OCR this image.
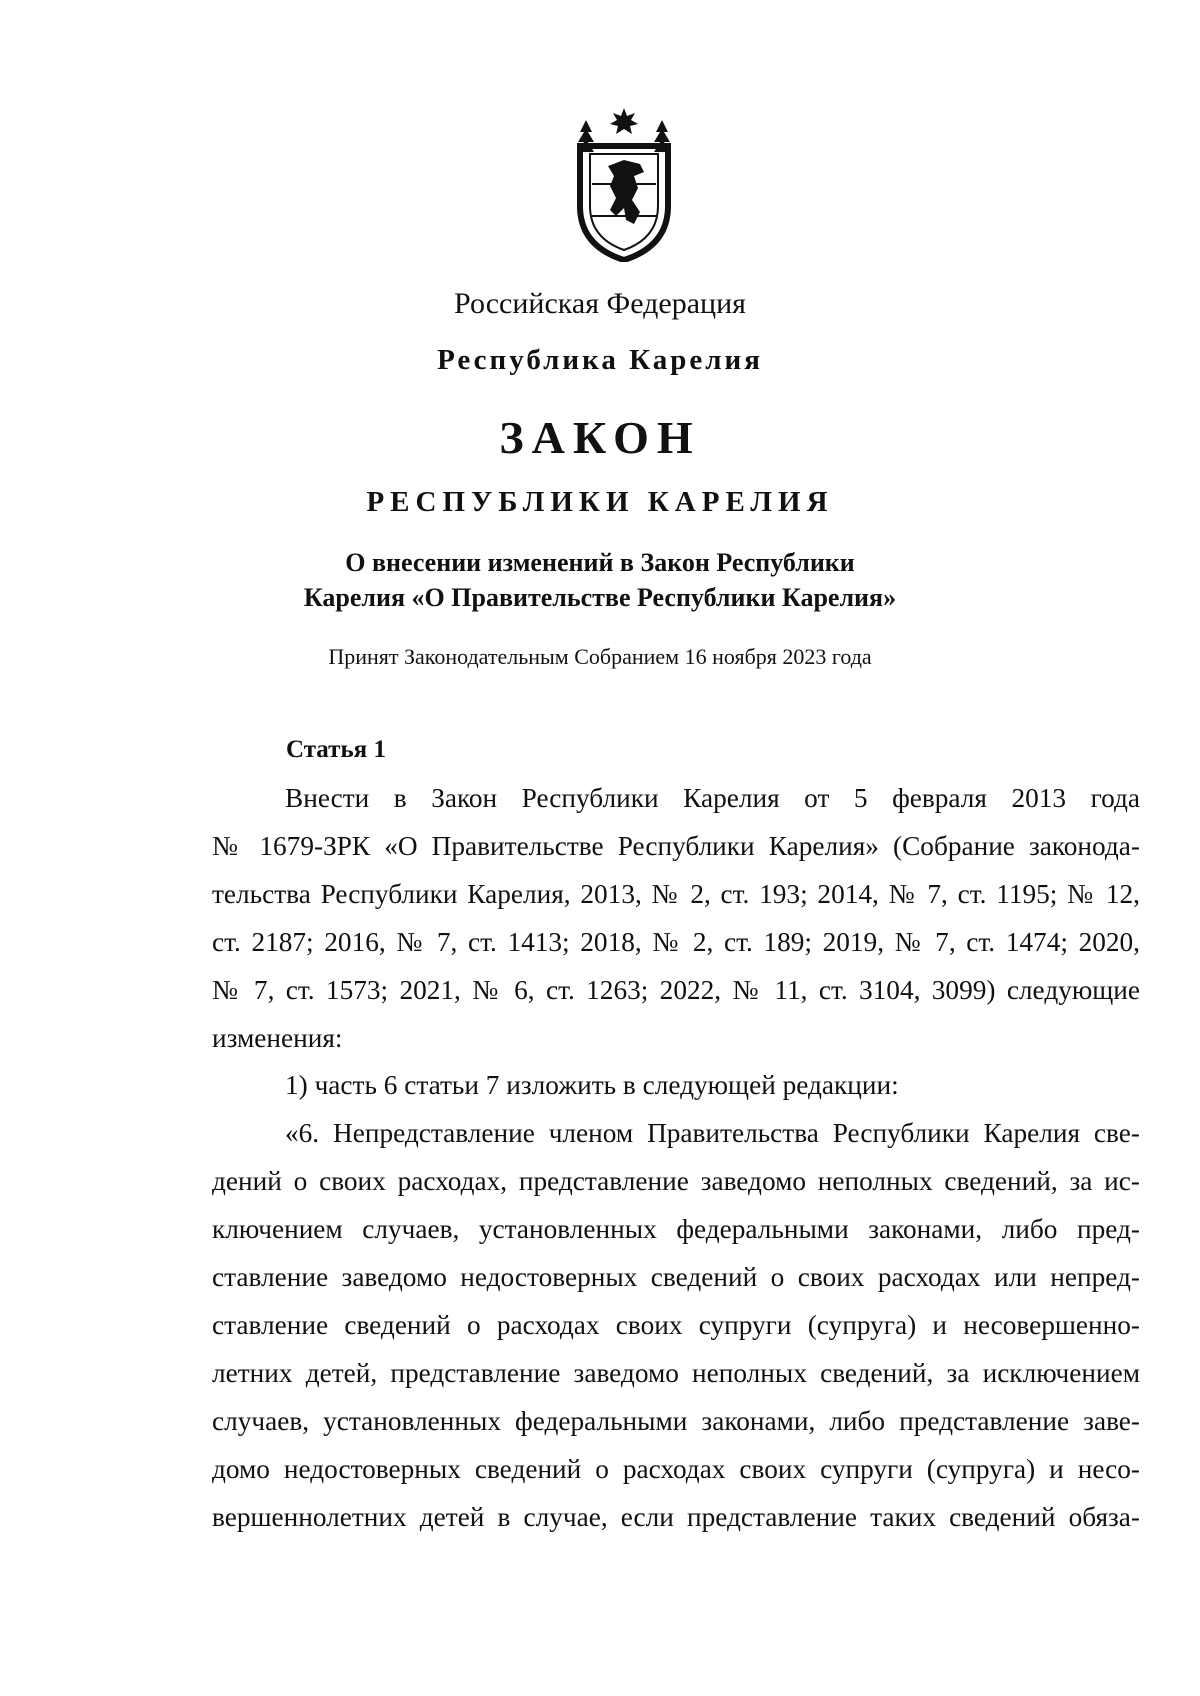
Российская Федерация
Республика Карелия
ЗАКОН
РЕСПУБЛИКИ КАРЕЛИЯ
О внесении изменений в Закон Республики
Карелия «О Правительстве Республики Карелия»
Принят Законодательным Собранием 16 ноября 2023 года
Статья 1
Внести в Закон Республики Карелия от 5 февраля 2013 года
№ 1679-ЗРК «О Правительстве Республики Карелия» (Собрание законода-
тельства Республики Карелия, 2013, № 2, ст. 193; 2014, № 7, ст. 1195; № 12,
ст. 2187; 2016, № 7, ст. 1413; 2018, № 2, ст. 189; 2019, № 7, ст. 1474; 2020,
№ 7, ст. 1573; 2021, № 6, ст. 1263; 2022, № 11, ст. 3104, 3099) следующие
изменения:
1) часть 6 статьи 7 изложить в следующей редакции:
«6. Непредставление членом Правительства Республики Карелия све-
дений о своих расходах, представление заведомо неполных сведений, за ис-
ключением случаев, установленных федеральными законами, либо пред-
ставление заведомо недостоверных сведений о своих расходах или непред-
ставление сведений о расходах своих супруги (супруга) и несовершенно-
летних детей, представление заведомо неполных сведений, за исключением
случаев, установленных федеральными законами, либо представление заве-
домо недостоверных сведений о расходах своих супруги (супруга) и несо-
вершеннолетних детей в случае, если представление таких сведений обяза-
